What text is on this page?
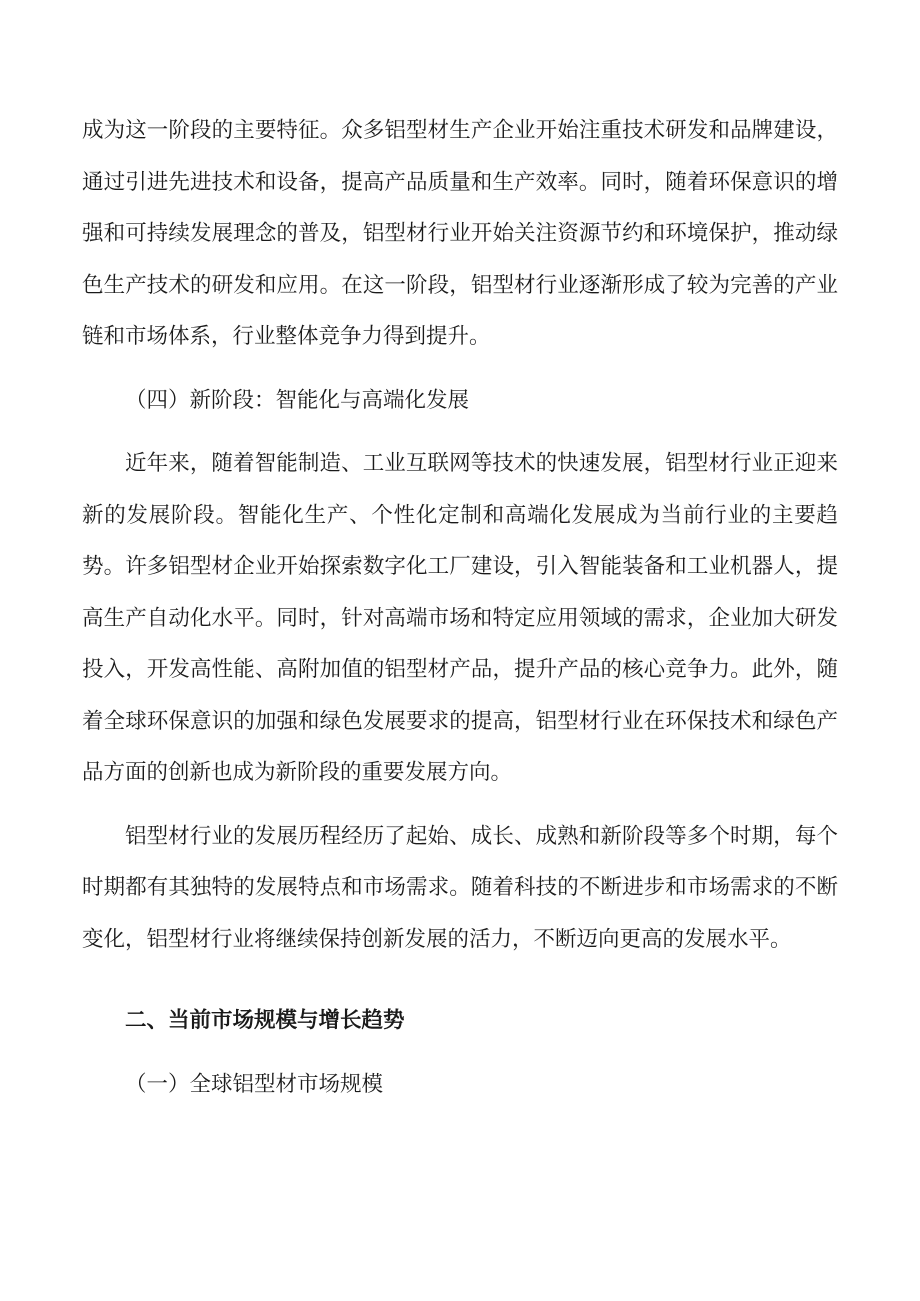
成为这一阶段的主要特征。众多铝型材生产企业开始注重技术研发和品牌建设，通过引进先进技术和设备，提高产品质量和生产效率。同时，随着环保意识的增强和可持续发展理念的普及，铝型材行业开始关注资源节约和环境保护，推动绿色生产技术的研发和应用。在这一阶段，铝型材行业逐渐形成了较为完善的产业链和市场体系，行业整体竞争力得到提升。

（四）新阶段：智能化与高端化发展

近年来，随着智能制造、工业互联网等技术的快速发展，铝型材行业正迎来新的发展阶段。智能化生产、个性化定制和高端化发展成为当前行业的主要趋势。许多铝型材企业开始探索数字化工厂建设，引入智能装备和工业机器人，提高生产自动化水平。同时，针对高端市场和特定应用领域的需求，企业加大研发投入，开发高性能、高附加值的铝型材产品，提升产品的核心竞争力。此外，随着全球环保意识的加强和绿色发展要求的提高，铝型材行业在环保技术和绿色产品方面的创新也成为新阶段的重要发展方向。

铝型材行业的发展历程经历了起始、成长、成熟和新阶段等多个时期，每个时期都有其独特的发展特点和市场需求。随着科技的不断进步和市场需求的不断变化，铝型材行业将继续保持创新发展的活力，不断迈向更高的发展水平。

二、当前市场规模与增长趋势

（一）全球铝型材市场规模
